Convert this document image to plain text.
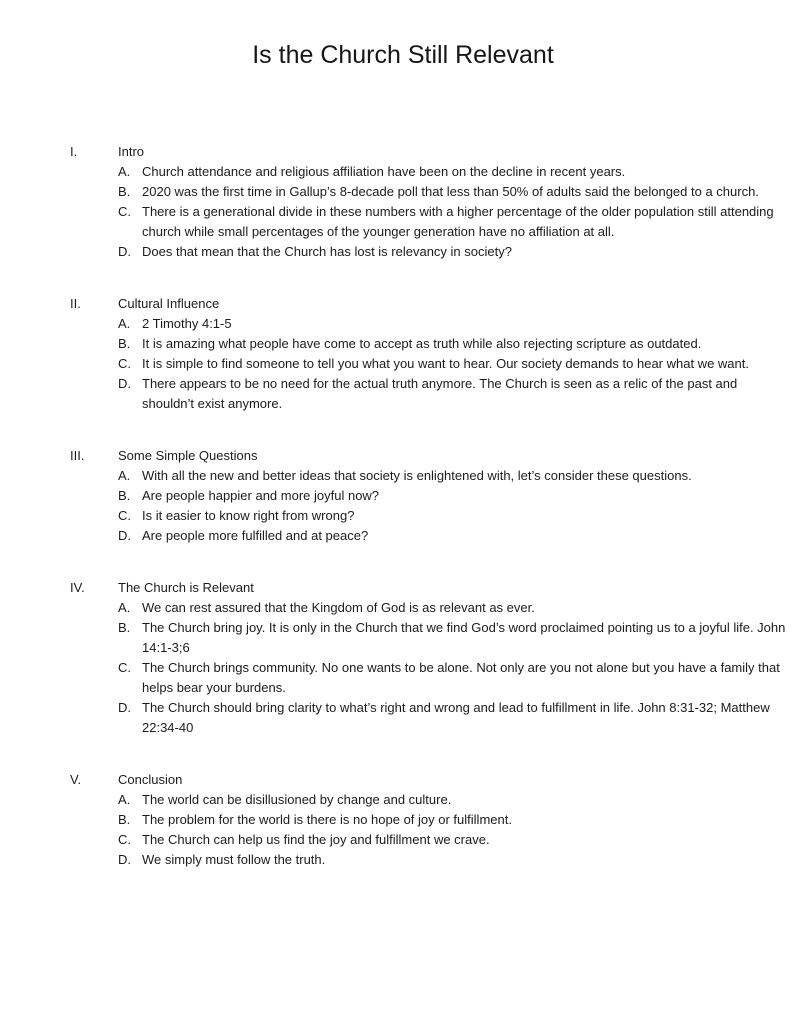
Is the Church Still Relevant
I.	Intro
A. Church attendance and religious affiliation have been on the decline in recent years.
B. 2020 was the first time in Gallup’s 8-decade poll that less than 50% of adults said the belonged to a church.
C. There is a generational divide in these numbers with a higher percentage of the older population still attending church while small percentages of the younger generation have no affiliation at all.
D. Does that mean that the Church has lost is relevancy in society?
II.	Cultural Influence
A. 2 Timothy 4:1-5
B. It is amazing what people have come to accept as truth while also rejecting scripture as outdated.
C. It is simple to find someone to tell you what you want to hear. Our society demands to hear what we want.
D. There appears to be no need for the actual truth anymore. The Church is seen as a relic of the past and shouldn’t exist anymore.
III.	Some Simple Questions
A. With all the new and better ideas that society is enlightened with, let’s consider these questions.
B. Are people happier and more joyful now?
C. Is it easier to know right from wrong?
D. Are people more fulfilled and at peace?
IV.	The Church is Relevant
A. We can rest assured that the Kingdom of God is as relevant as ever.
B. The Church bring joy. It is only in the Church that we find God’s word proclaimed pointing us to a joyful life. John 14:1-3;6
C. The Church brings community. No one wants to be alone. Not only are you not alone but you have a family that helps bear your burdens.
D. The Church should bring clarity to what’s right and wrong and lead to fulfillment in life. John 8:31-32; Matthew 22:34-40
V.	Conclusion
A. The world can be disillusioned by change and culture.
B. The problem for the world is there is no hope of joy or fulfillment.
C. The Church can help us find the joy and fulfillment we crave.
D. We simply must follow the truth.
